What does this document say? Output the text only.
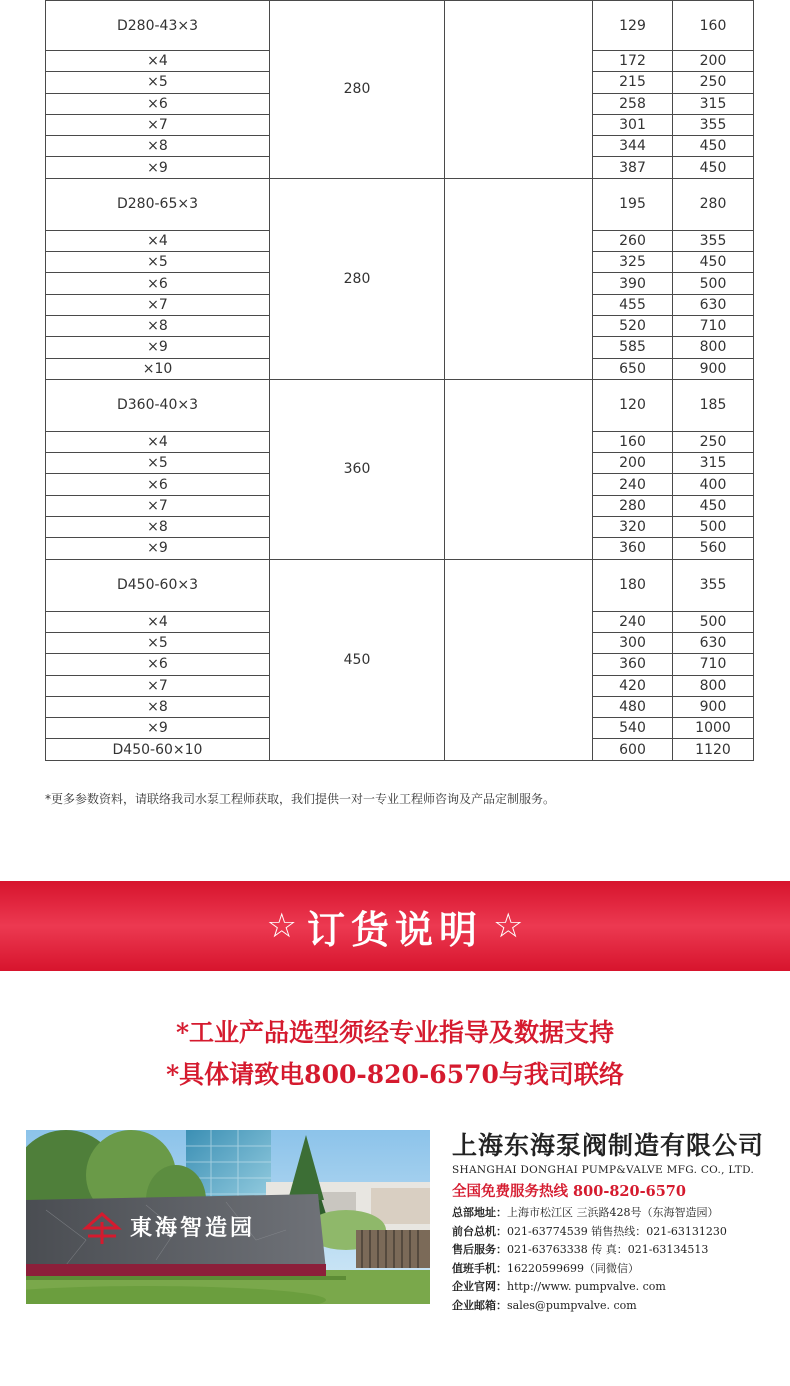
D280-43×3	280		129	160	
×4			172	200	
×5			215	250	
×6			258	315	
×7			301	355	
×8			344	450	
×9			387	450	
D280-65×3	280		195	280	
×4			260	355	
×5			325	450	
×6			390	500	
×7			455	630	
×8			520	710	
×9			585	800	
×10			650	900	
D360-40×3	360		120	185	
×4			160	250	
×5			200	315	
×6			240	400	
×7			280	450	
×8			320	500	
×9			360	560	
D450-60×3	450		180	355	
×4			240	500	
×5			300	630	
×6			360	710	
×7			420	800	
×8			480	900	
×9			540	1000	
D450-60×10			600	1120	
*更多参数资料，请联络我司水泵工程师获取，我们提供一对一专业工程师咨询及产品定制服务。
☆ 订货说明 ☆
*工业产品选型须经专业指导及数据支持
*具体请致电800-820-6570与我司联络
東海智造园
上海东海泵阀制造有限公司
SHANGHAI DONGHAI PUMP&VALVE MFG. CO., LTD.
全国免费服务热线 800-820-6570
总部地址：上海市松江区 三浜路428号（东海智造园）
前台总机：021-63774539 销售热线：021-63131230
售后服务：021-63763338 传 真：021-63134513
值班手机：16220599699（同微信）
企业官网：http://www. pumpvalve. com
企业邮箱：sales@pumpvalve. com
